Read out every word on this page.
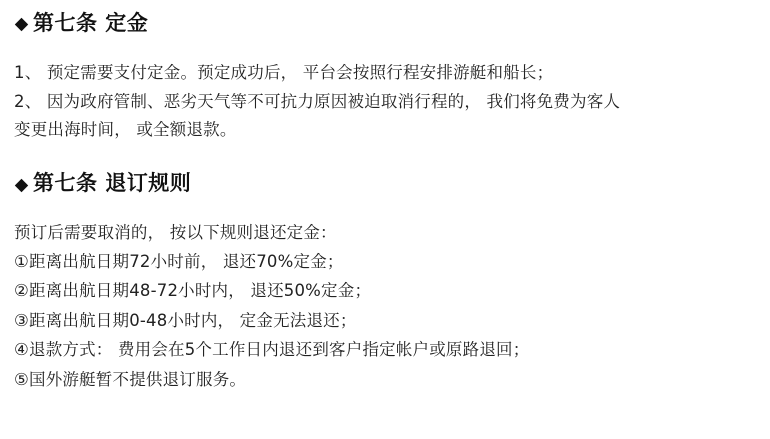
第七条 定金
1、 预定需要支付定金。预定成功后， 平台会按照行程安排游艇和船长；
2、 因为政府管制、恶劣天气等不可抗力原因被迫取消行程的， 我们将免费为客人
变更出海时间， 或全额退款。
第七条 退订规则
预订后需要取消的， 按以下规则退还定金：
①距离出航日期72小时前， 退还70%定金；
②距离出航日期48-72小时内， 退还50%定金；
③距离出航日期0-48小时内， 定金无法退还；
④退款方式： 费用会在5个工作日内退还到客户指定帐户或原路退回；
⑤国外游艇暂不提供退订服务。
